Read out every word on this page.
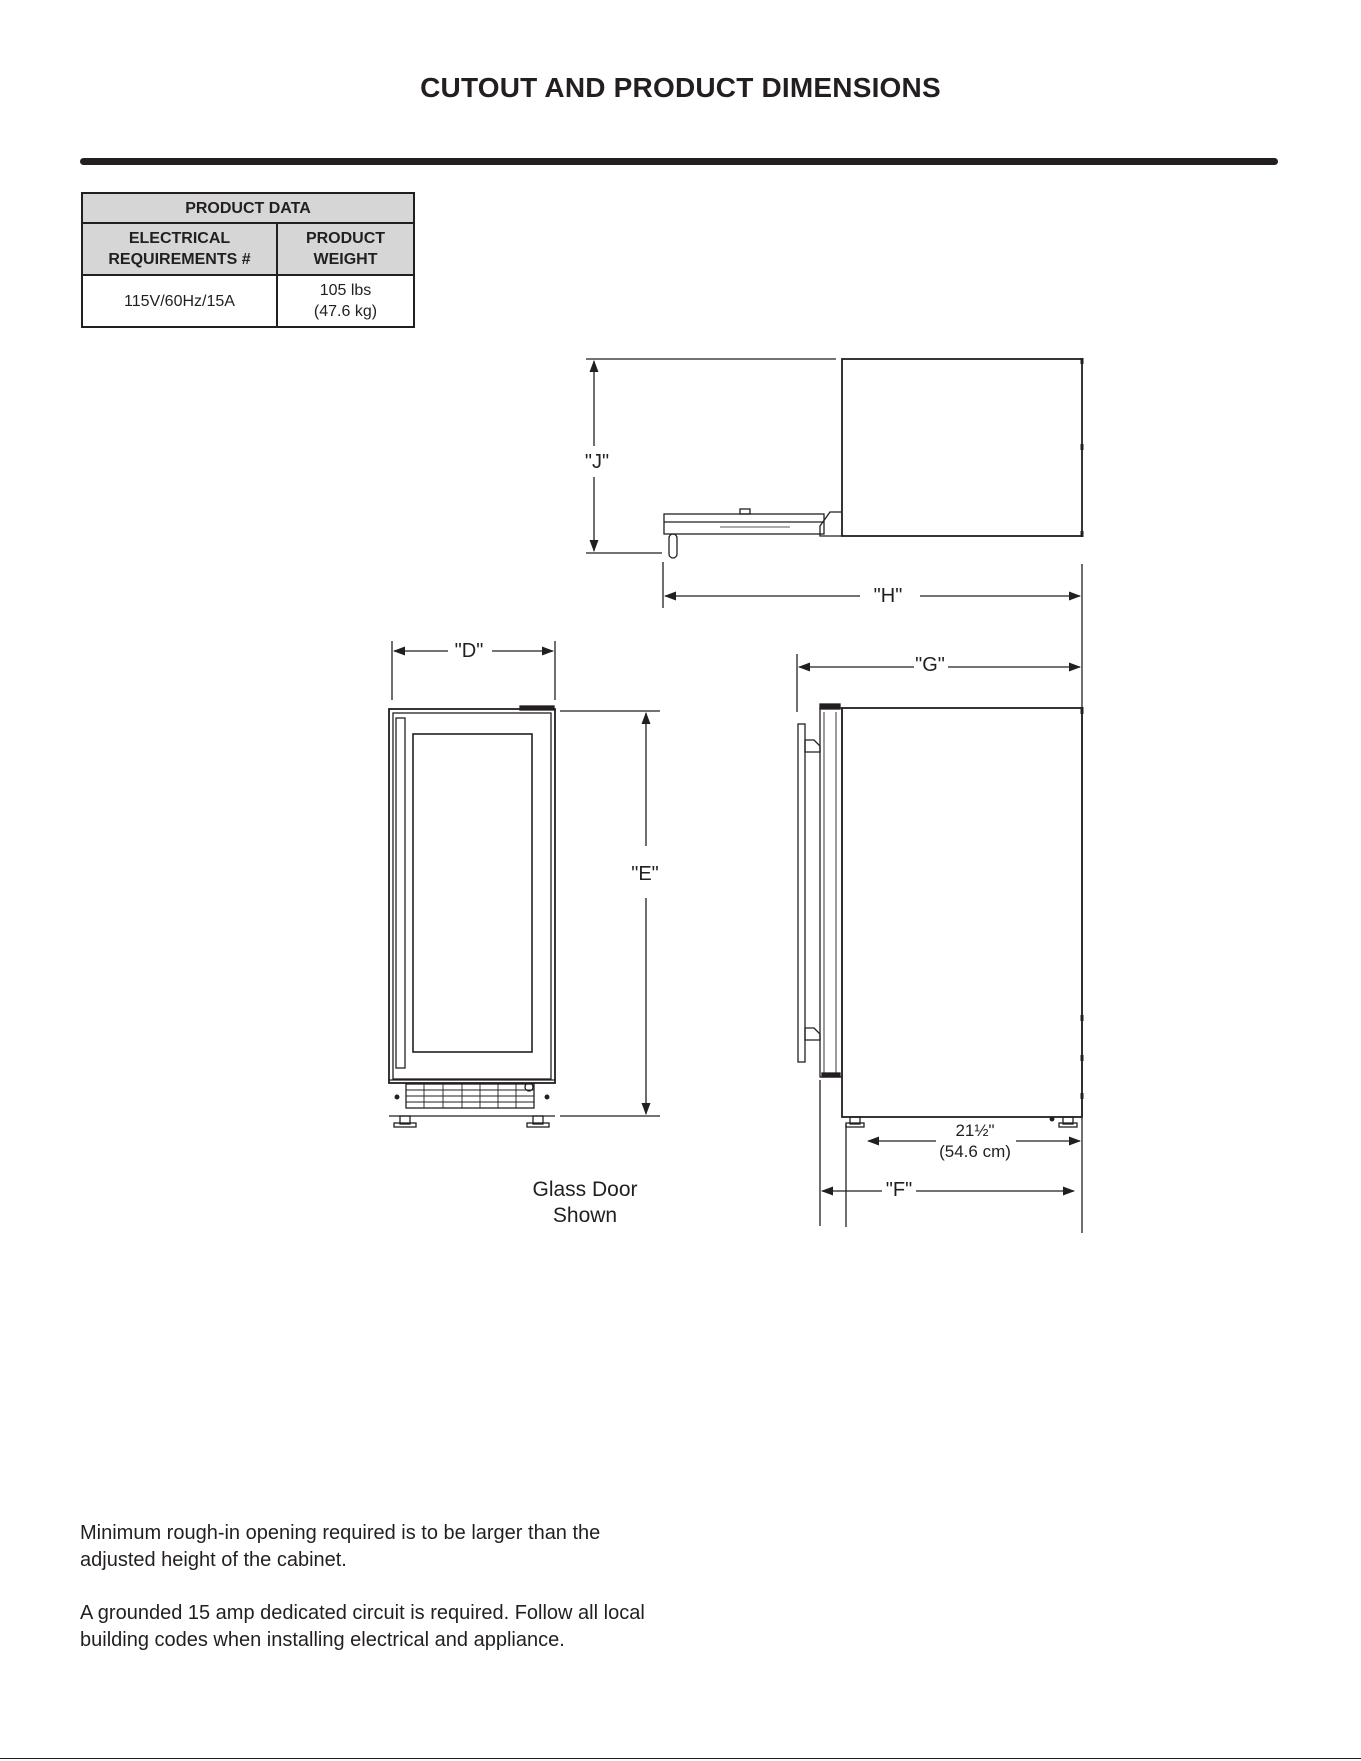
CUTOUT AND PRODUCT DIMENSIONS
PRODUCT DATA	

ELECTRICAL
REQUIREMENTS #	PRODUCT
WEIGHT

115V/60Hz/15A	105 lbs
(47.6 kg)
"J"
"H"
"D"
"G"
"E"
"F"
21½"
(54.6 cm)
Glass Door
Shown

Minimum rough-in opening required is to be larger than the adjusted height of the cabinet.

A grounded 15 amp dedicated circuit is required. Follow all local building codes when installing electrical and appliance.
